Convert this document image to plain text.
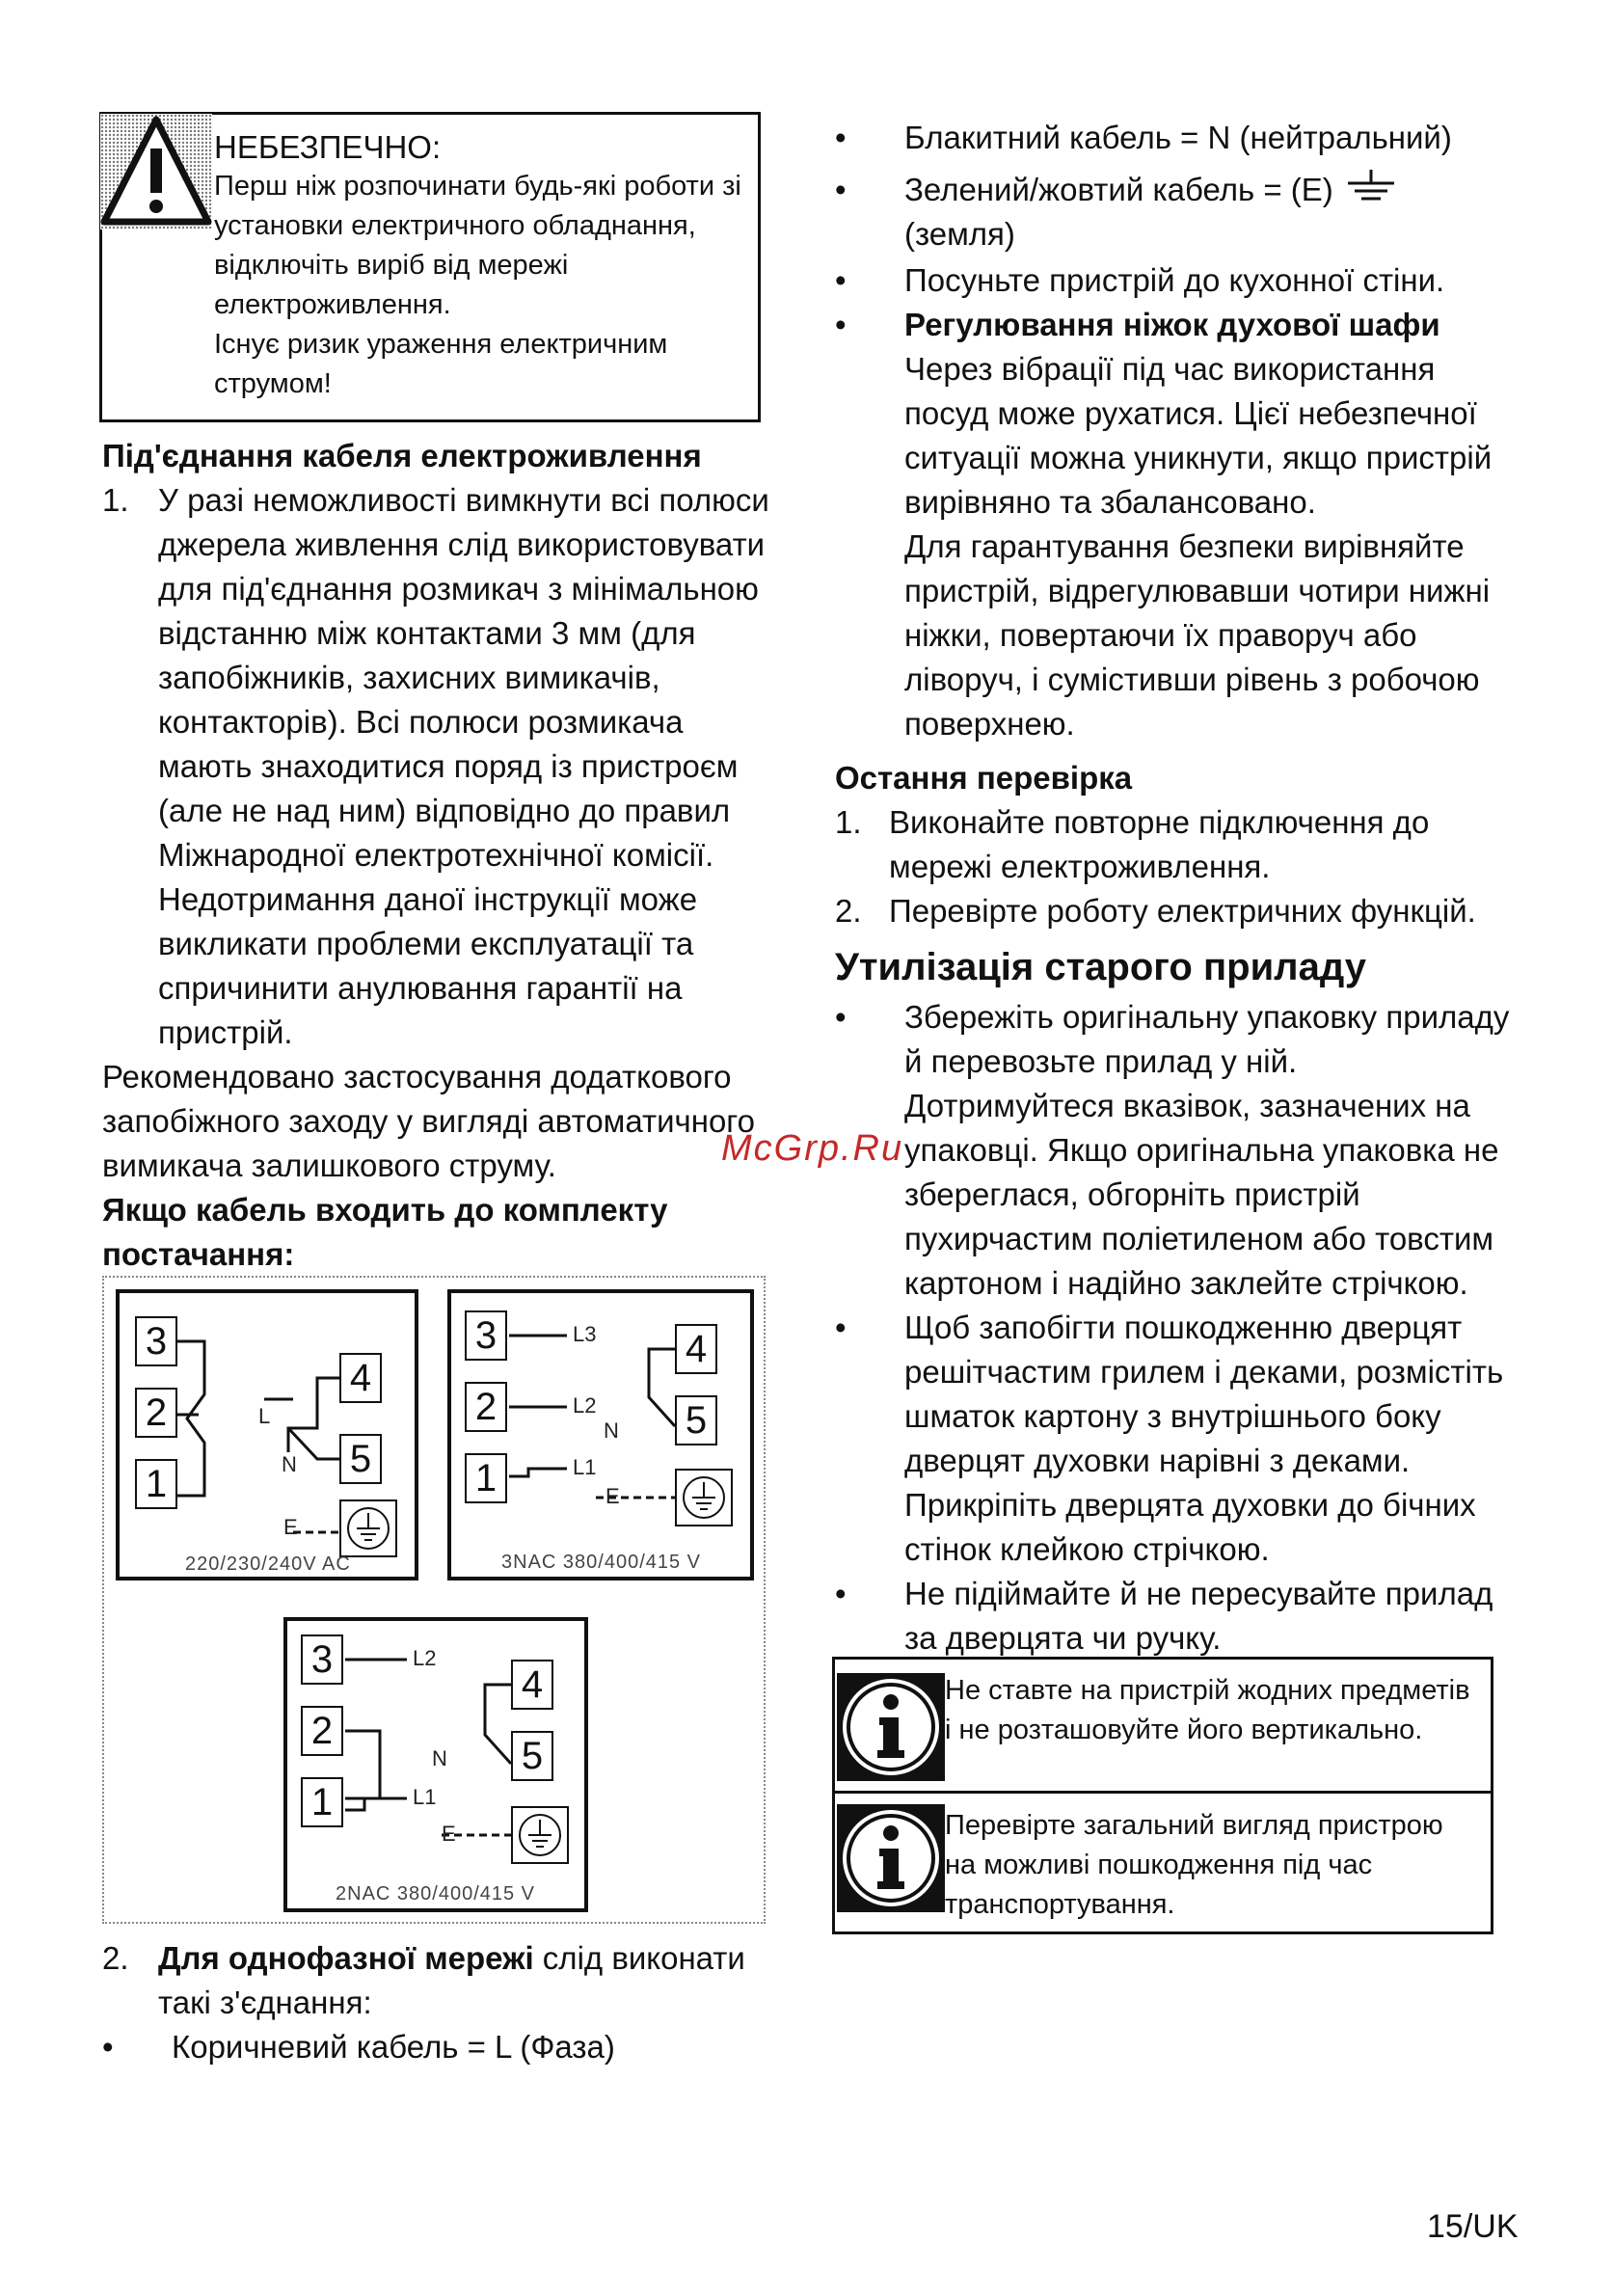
НЕБЕЗПЕЧНО:
Перш ніж розпочинати будь-які роботи зі
установки електричного обладнання,
відключіть виріб від мережі
електроживлення.
Існує ризик ураження електричним
струмом!
Під'єднання кабеля електроживлення
1. У разі неможливості вимкнути всі полюси

джерела живлення слід використовувати

для під'єднання розмикач з мінімальною

відстанню між контактами 3 мм (для

запобіжників, захисних вимикачів,

контакторів). Всі полюси розмикача

мають знаходитися поряд із пристроєм

(але не над ним) відповідно до правил

Міжнародної електротехнічної комісії.

Недотримання даної інструкції може

викликати проблеми експлуатації та

спричинити анулювання гарантії на

пристрій.

Рекомендовано застосування додаткового

запобіжного заходу у вигляді автоматичного

вимикача залишкового струму.

Якщо кабель входить до комплекту

постачання:

3
2
1
4
5
L
N
E
220/230/240V AC
3
2
1
4
5
L3
L2
N
L1
E
3NAC 380/400/415 V
3
2
1
4
5
L2
N
L1
E
2NAC 380/400/415 V
2. Для однофазної мережі слід виконати

такі з'єднання:

• Коричневий кабель = L (Фаза)
• Блакитний кабель = N (нейтральний)
• Зелений/жовтий кабель = (E)

(земля)

• Посуньте пристрій до кухонної стіни.
• Регулювання ніжок духової шафи

Через вібрації під час використання

посуд може рухатися. Цієї небезпечної

ситуації можна уникнути, якщо пристрій

вирівняно та збалансовано.

Для гарантування безпеки вирівняйте

пристрій, відрегулювавши чотири нижні

ніжки, повертаючи їх праворуч або

ліворуч, і сумістивши рівень з робочою

поверхнею.

Остання перевірка
1. Виконайте повторне підключення до

мережі електроживлення.

2. Перевірте роботу електричних функцій.
Утилізація старого приладу
• Збережіть оригінальну упаковку приладу

й перевозьте прилад у ній.

Дотримуйтеся вказівок, зазначених на

упаковці. Якщо оригінальна упаковка не

збереглася, обгорніть пристрій

пухирчастим поліетиленом або товстим

картоном і надійно заклейте стрічкою.

• Щоб запобігти пошкодженню дверцят

решітчастим грилем і деками, розмістіть

шматок картону з внутрішнього боку

дверцят духовки нарівні з деками.

Прикріпіть дверцята духовки до бічних

стінок клейкою стрічкою.

• Не підіймайте й не пересувайте прилад

за дверцята чи ручку.

Не ставте на пристрій жодних предметів
і не розташовуйте його вертикально.
Перевірте загальний вигляд пристрою
на можливі пошкодження під час
транспортування.
McGrp.Ru
15/UK
